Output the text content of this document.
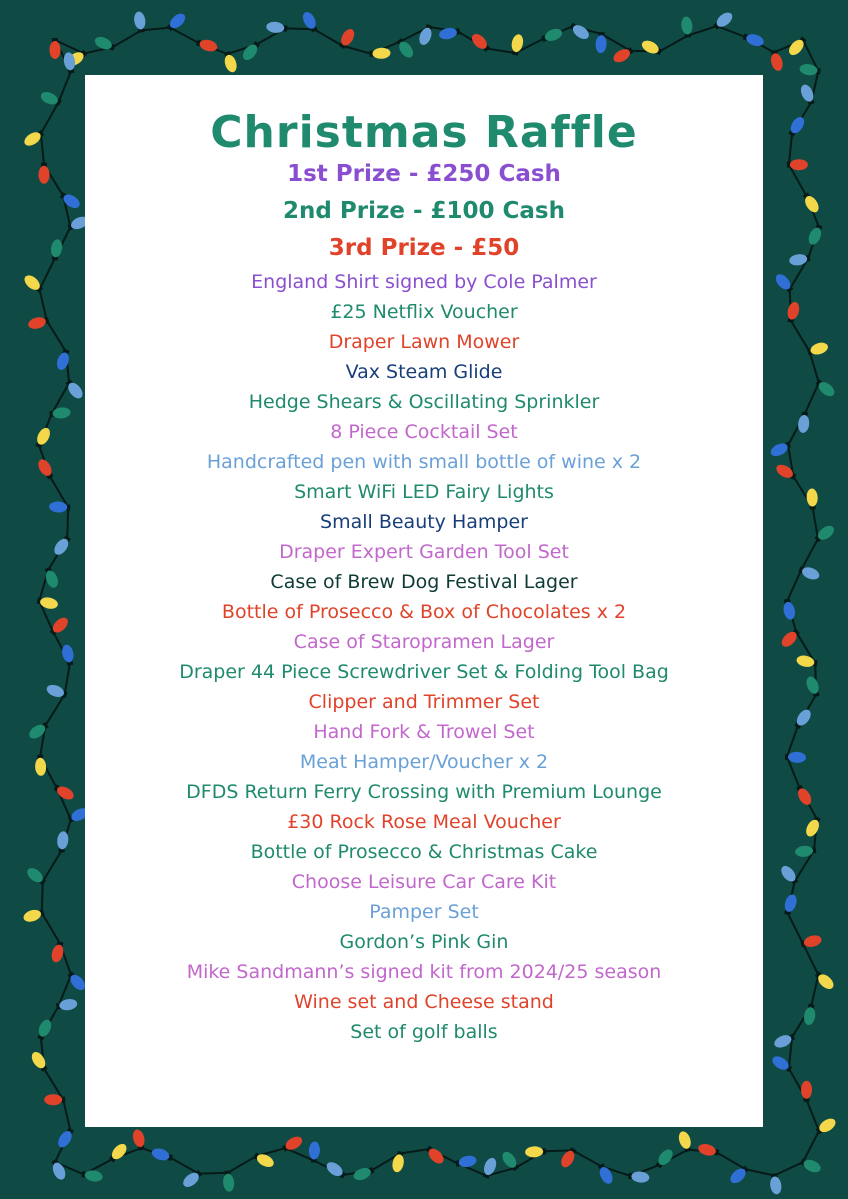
Christmas Raffle
1st Prize - £250 Cash
2nd Prize - £100 Cash
3rd Prize - £50
England Shirt signed by Cole Palmer
£25 Netflix Voucher
Draper Lawn Mower
Vax Steam Glide
Hedge Shears & Oscillating Sprinkler
8 Piece Cocktail Set
Handcrafted pen with small bottle of wine x 2
Smart WiFi LED Fairy Lights
Small Beauty Hamper
Draper Expert Garden Tool Set
Case of Brew Dog Festival Lager
Bottle of Prosecco & Box of Chocolates x 2
Case of Staropramen Lager
Draper 44 Piece Screwdriver Set & Folding Tool Bag
Clipper and Trimmer Set
Hand Fork & Trowel Set
Meat Hamper/Voucher x 2
DFDS Return Ferry Crossing with Premium Lounge
£30 Rock Rose Meal Voucher
Bottle of Prosecco & Christmas Cake
Choose Leisure Car Care Kit
Pamper Set
Gordon’s Pink Gin
Mike Sandmann’s signed kit from 2024/25 season
Wine set and Cheese stand
Set of golf balls
